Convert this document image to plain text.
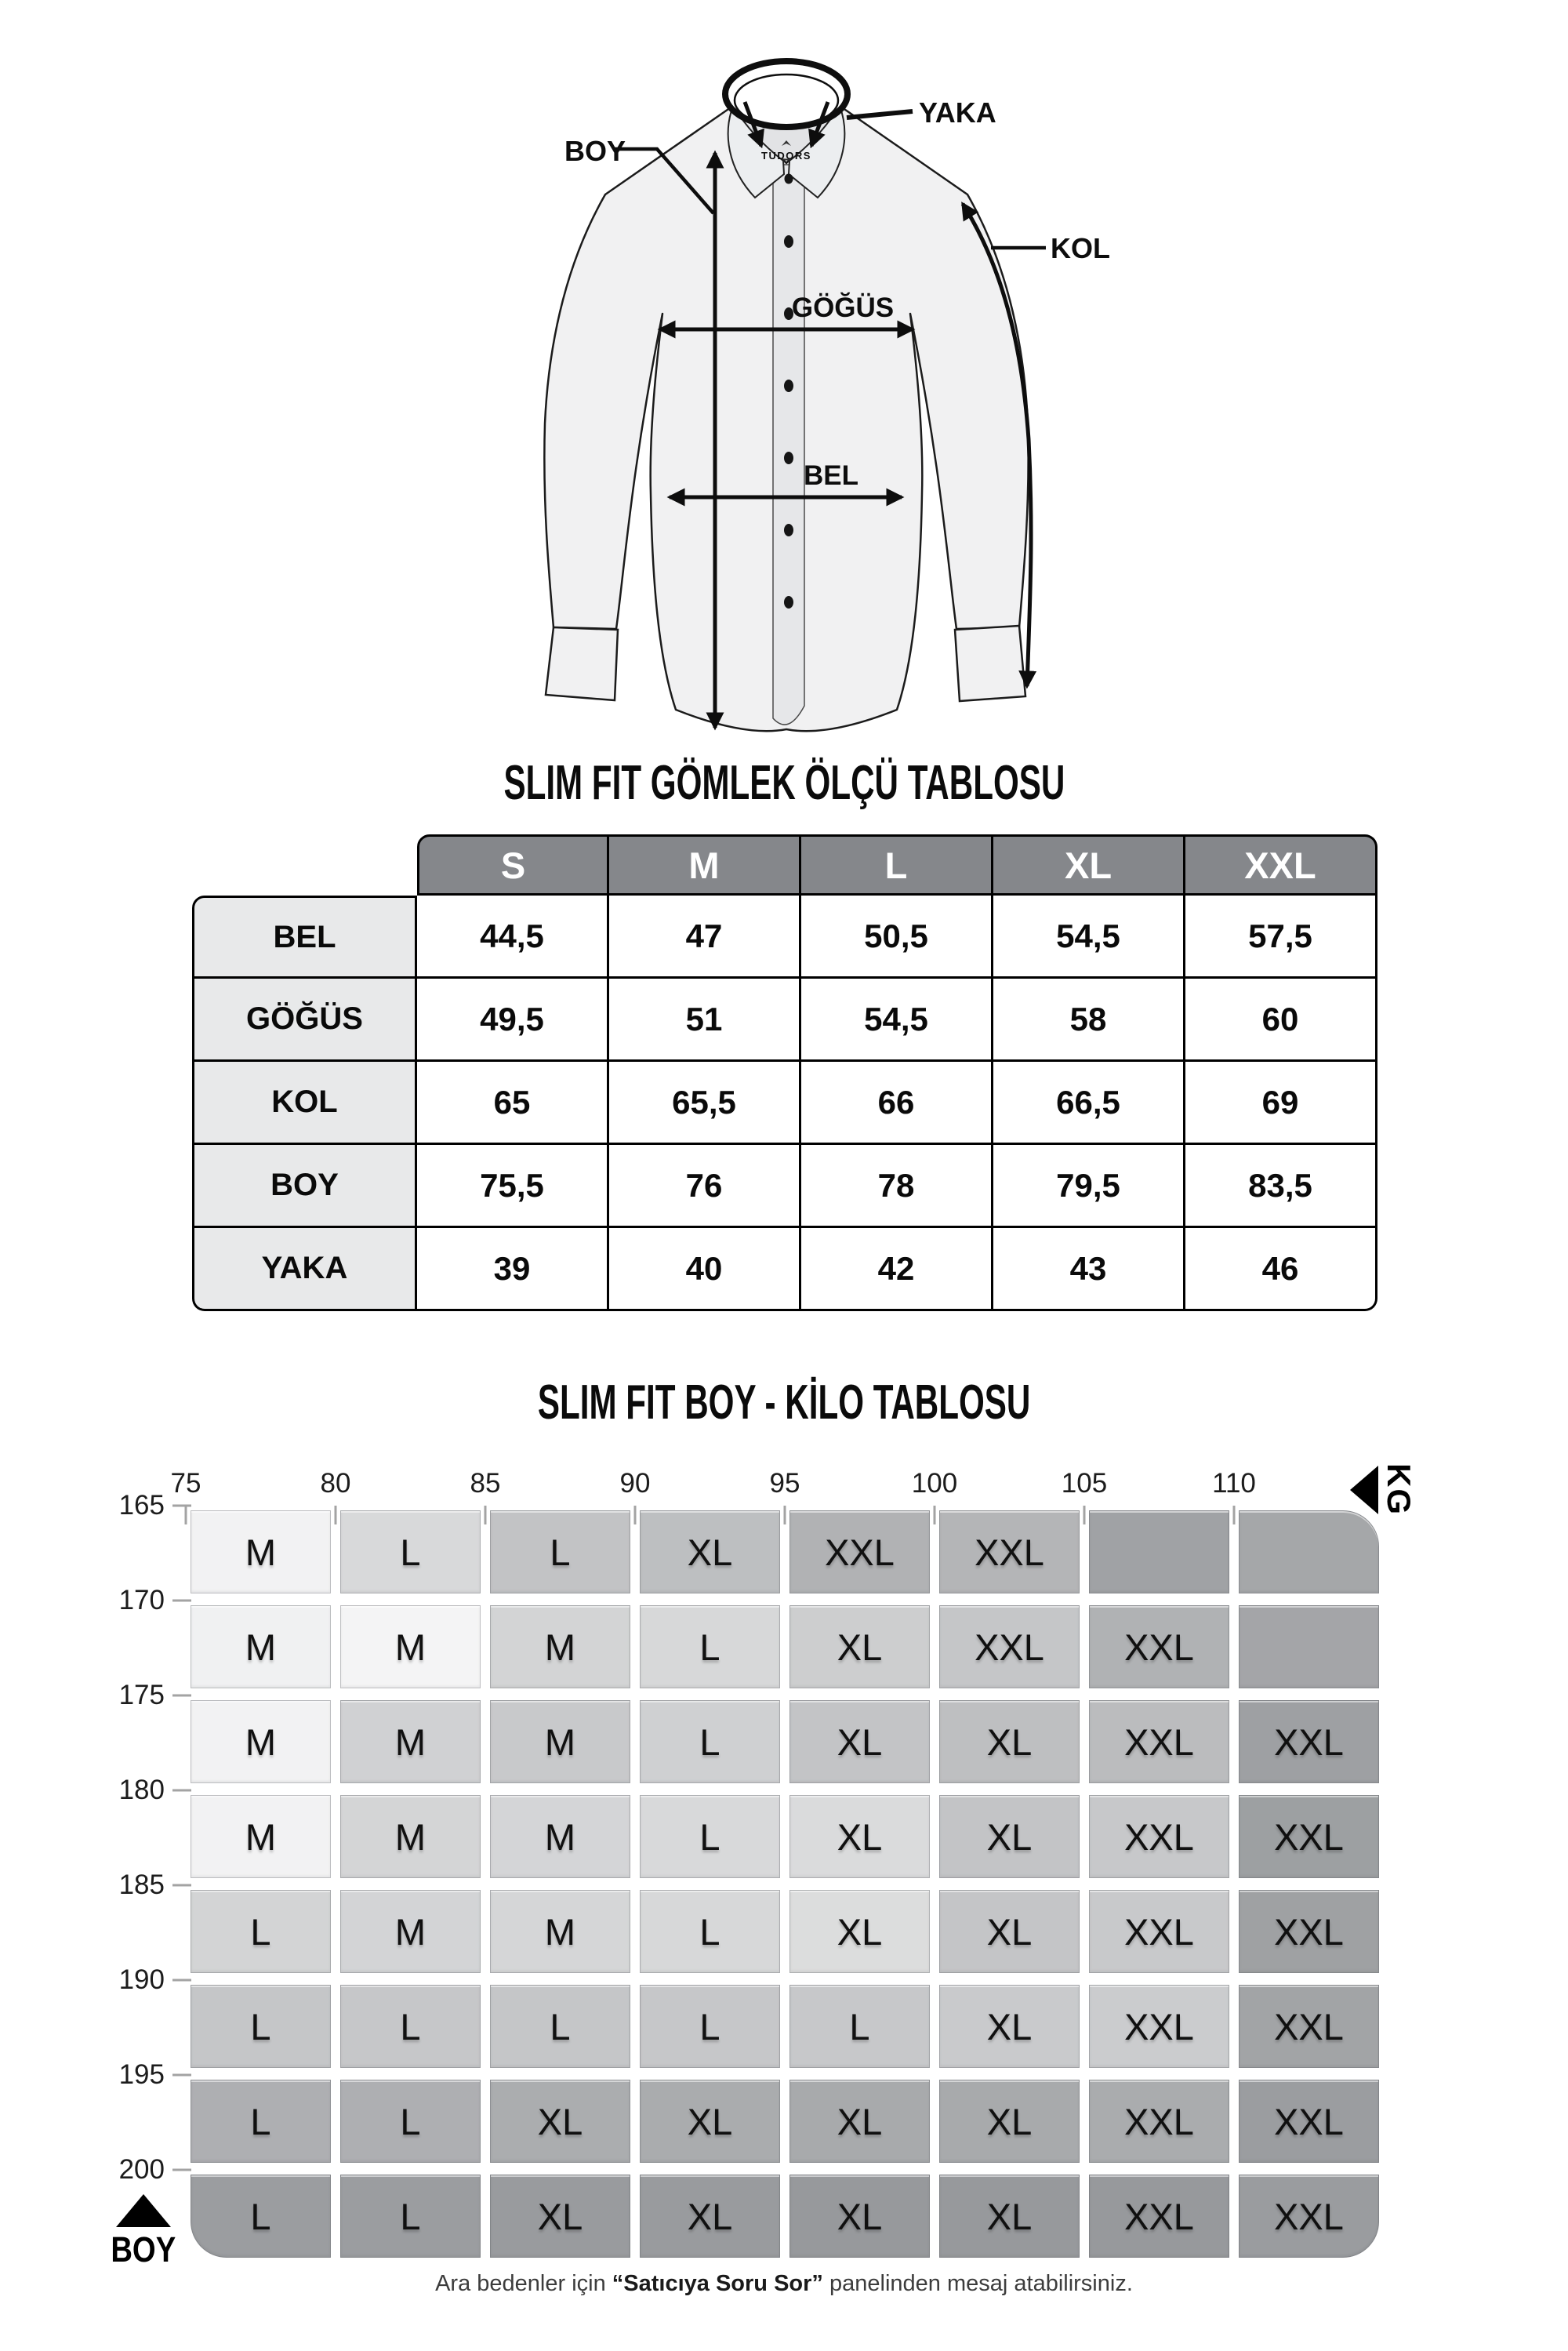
TUDORS
BOY
GÖĞÜS
BEL
KOL
YAKA
SLIM FIT GÖMLEK ÖLÇÜ TABLOSU
S	M	L	XL	XXL
BEL	44,5	47	50,5	54,5	57,5
GÖĞÜS	49,5	51	54,5	58	60
KOL	65	65,5	66	66,5	69
BOY	75,5	76	78	79,5	83,5
YAKA	39	40	42	43	46
SLIM FIT BOY - KİLO TABLOSU
75	80	85	90	95	100	105	110
165
170
175
180
185
190
195
200
KG
M	L	L	XL	XXL	XXL
M	M	M	L	XL	XXL	XXL
M	M	M	L	XL	XL	XXL	XXL
M	M	M	L	XL	XL	XXL	XXL
L	M	M	L	XL	XL	XXL	XXL
L	L	L	L	L	XL	XXL	XXL
L	L	XL	XL	XL	XL	XXL	XXL
L	L	XL	XL	XL	XL	XXL	XXL
BOY
Ara bedenler için “Satıcıya Soru Sor” panelinden mesaj atabilirsiniz.
